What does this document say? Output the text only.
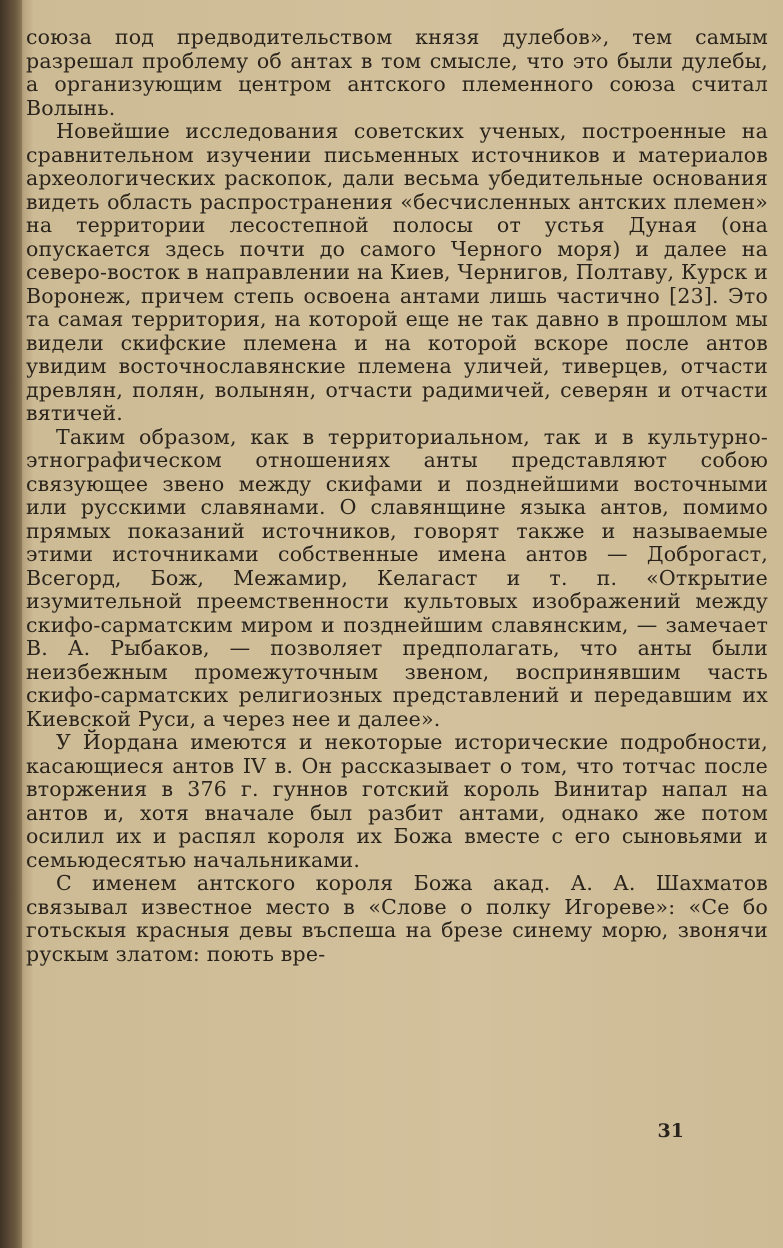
союза под предводительством князя дулебов», тем самым разрешал проблему об антах в том смысле, что это были дулебы, а организующим центром антского племенного союза считал Волынь.

Новейшие исследования советских ученых, построенные на сравнительном изучении письменных источников и материалов археологических раскопок, дали весьма убедительные основания видеть область распространения «бесчисленных антских племен» на территории лесостепной полосы от устья Дуная (она опускается здесь почти до самого Черного моря) и далее на северо-восток в направлении на Киев, Чернигов, Полтаву, Курск и Воронеж, причем степь освоена антами лишь частично [23]. Это та самая территория, на которой еще не так давно в прошлом мы видели скифские племена и на которой вскоре после антов увидим восточнославянские племена уличей, тиверцев, отчасти древлян, полян, волынян, отчасти радимичей, северян и отчасти вятичей.

Таким образом, как в территориальном, так и в культурно-этнографическом отношениях анты представляют собою связующее звено между скифами и позднейшими восточными или русскими славянами. О славянщине языка антов, помимо прямых показаний источников, говорят также и называемые этими источниками собственные имена антов — Доброгаст, Всегорд, Бож, Межамир, Келагаст и т. п. «Открытие изумительной преемственности культовых изображений между скифо-сарматским миром и позднейшим славянским, — замечает В. А. Рыбаков, — позволяет предполагать, что анты были неизбежным промежуточным звеном, воспринявшим часть скифо-сарматских религиозных представлений и передавшим их Киевской Руси, а через нее и далее».

У Йордана имеются и некоторые исторические подробности, касающиеся антов IV в. Он рассказывает о том, что тотчас после вторжения в 376 г. гуннов готский король Винитар напал на антов и, хотя вначале был разбит антами, однако же потом осилил их и распял короля их Божа вместе с его сыновьями и семьюдесятью начальниками.

С именем антского короля Божа акад. А. А. Шахматов связывал известное место в «Слове о полку Игореве»: «Се бо готьскыя красныя девы въспеша на брезе синему морю, звонячи рускым златом: поють вре-

31
